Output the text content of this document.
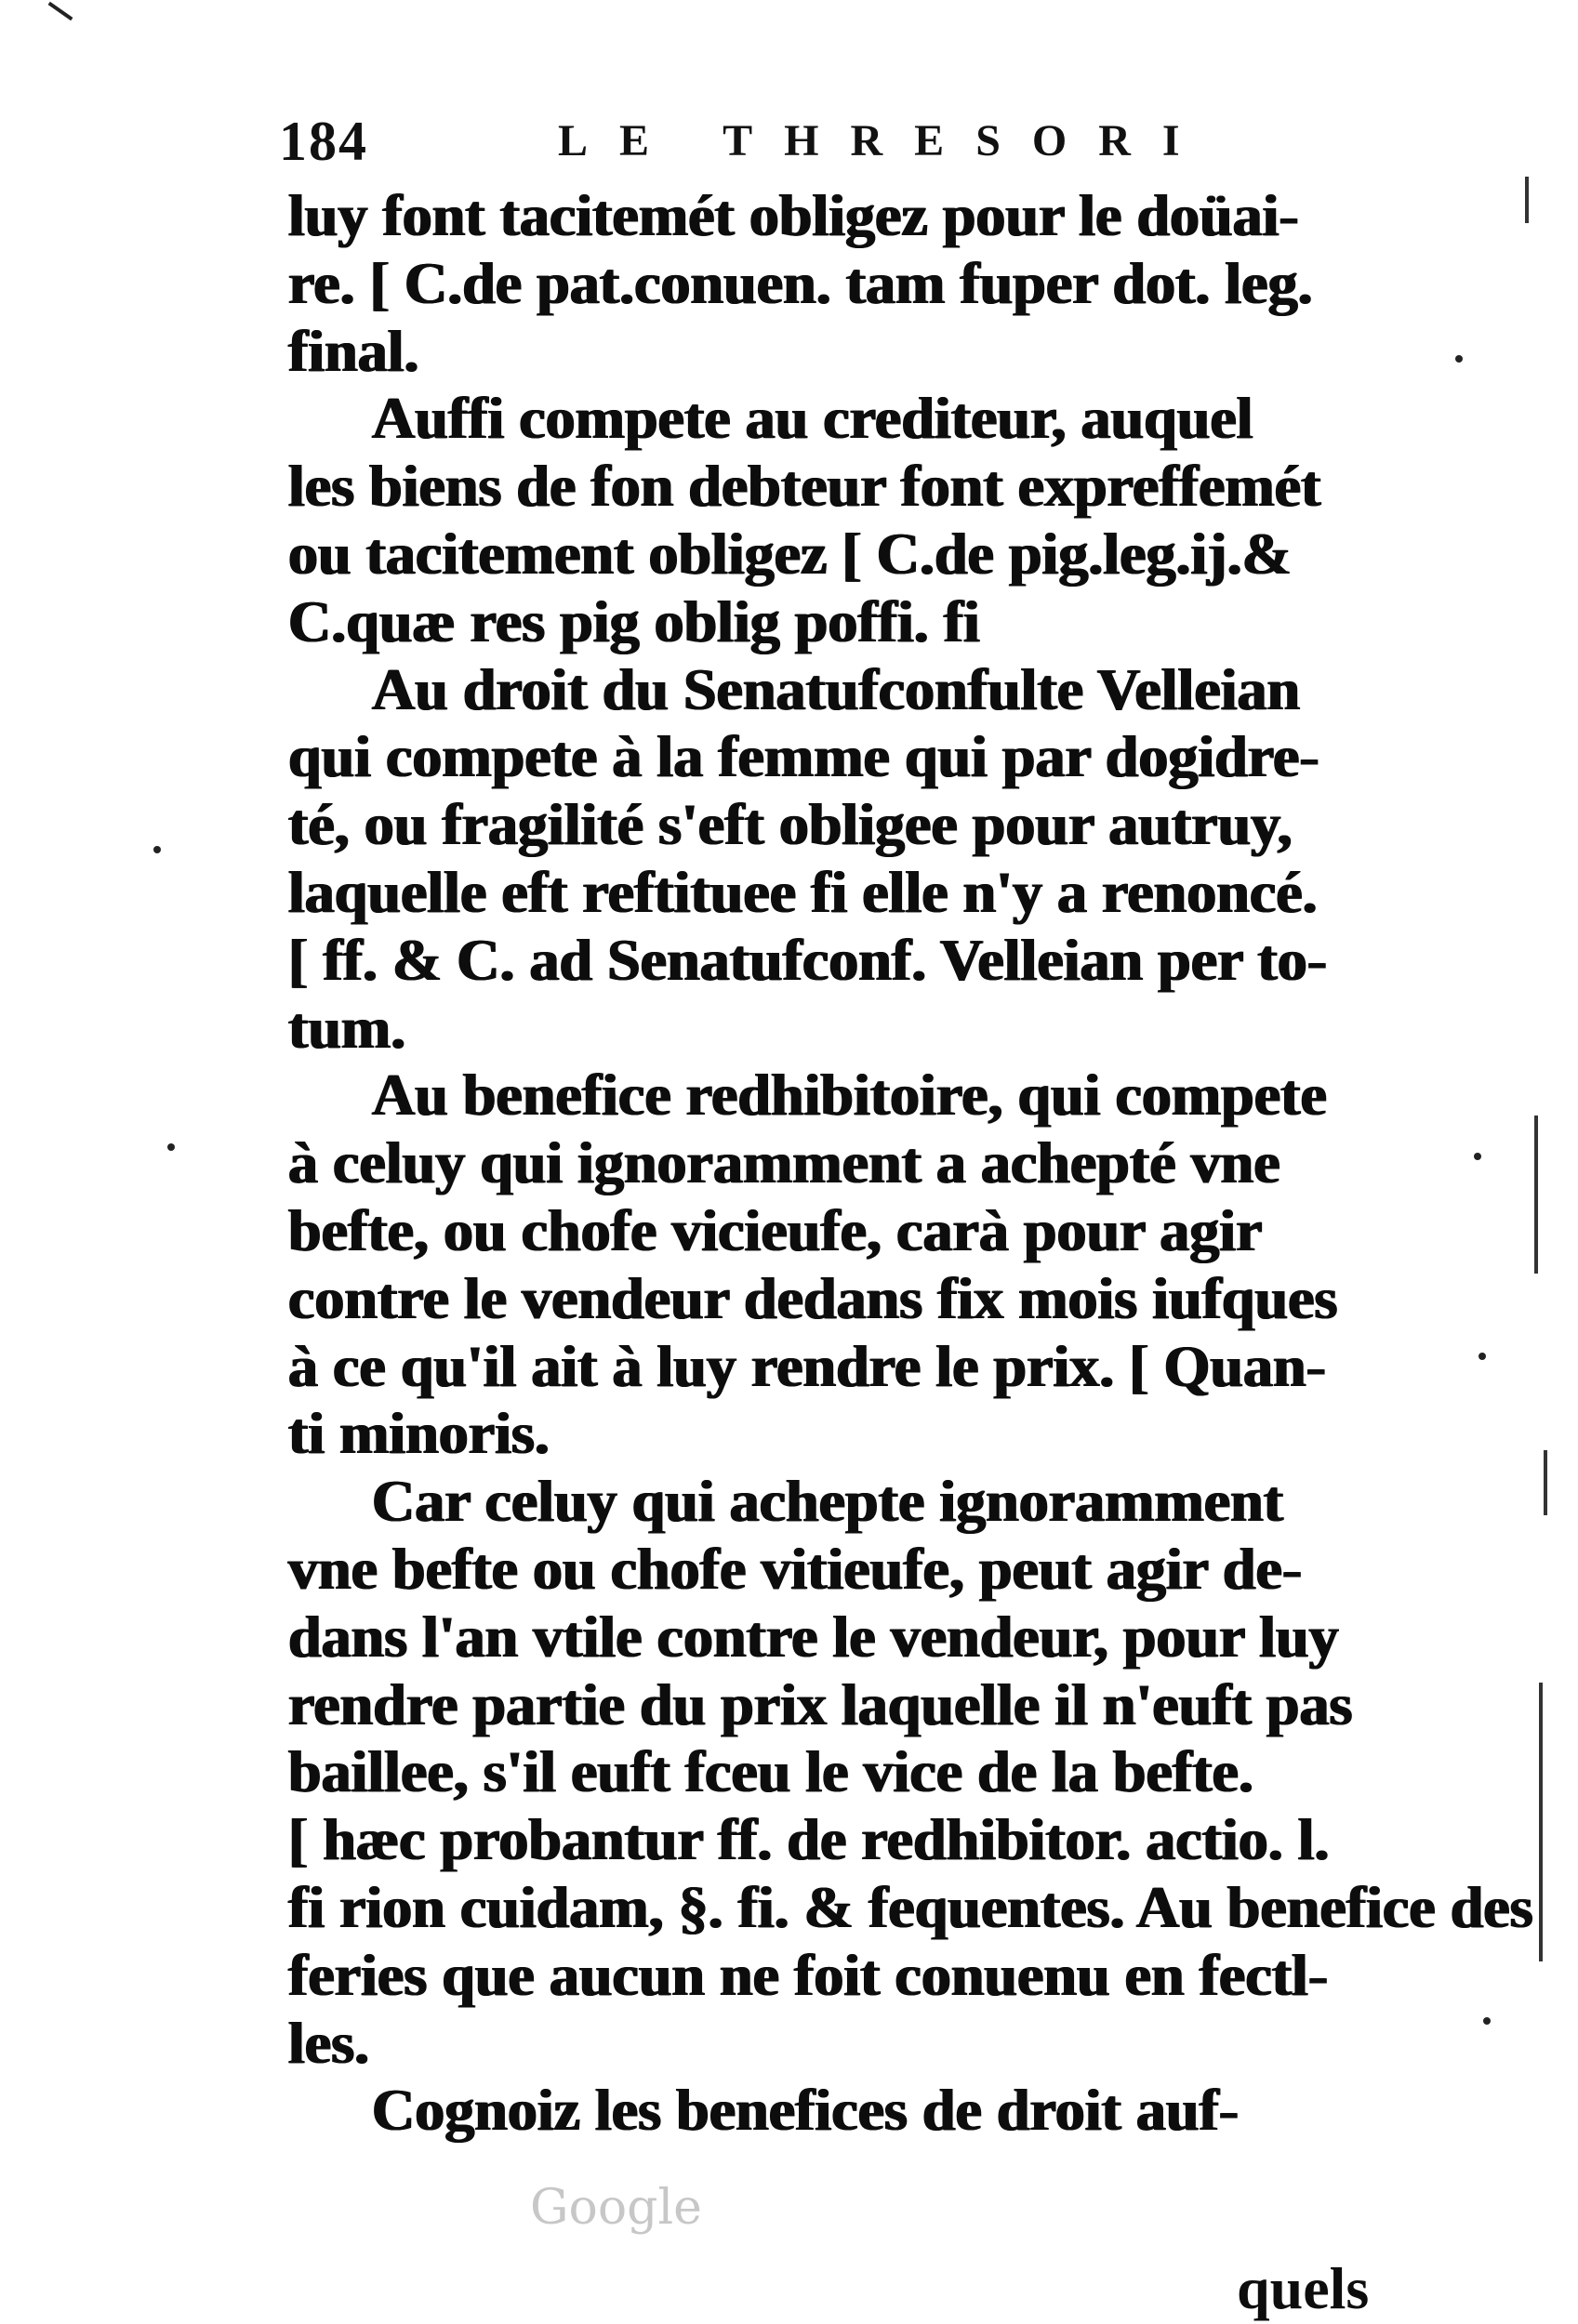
184	LE THRESORI
luy font tacitemét obligez pour le doüai-
re. [ C.de pat.conuen. tam fuper dot. leg.
final.
Auffi compete au crediteur, auquel
les biens de fon debteur font expreffemét
ou tacitement obligez [ C.de pig.leg.ij.&
C.quæ res pig oblig poffi. fi
Au droit du Senatufconfulte Velleian
qui compete à la femme qui par dogidre-
té, ou fragilité s'eft obligee pour autruy,
laquelle eft reftituee fi elle n'y a renoncé.
[ ff. & C. ad Senatufconf. Velleian per to-
tum.
Au benefice redhibitoire, qui compete
à celuy qui ignoramment a achepté vne
befte, ou chofe vicieufe, carà pour agir
contre le vendeur dedans fix mois iufques
à ce qu'il ait à luy rendre le prix. [ Quan-
ti minoris.
Car celuy qui achepte ignoramment
vne befte ou chofe vitieufe, peut agir de-
dans l'an vtile contre le vendeur, pour luy
rendre partie du prix laquelle il n'euft pas
baillee, s'il euft fceu le vice de la befte.
[ hæc probantur ff. de redhibitor. actio. l.
fi rion cuidam, §. fi. & fequentes. Au benefice des
feries que aucun ne foit conuenu en fectl-
les.
Cognoiz les benefices de droit auf-
Google
quels
